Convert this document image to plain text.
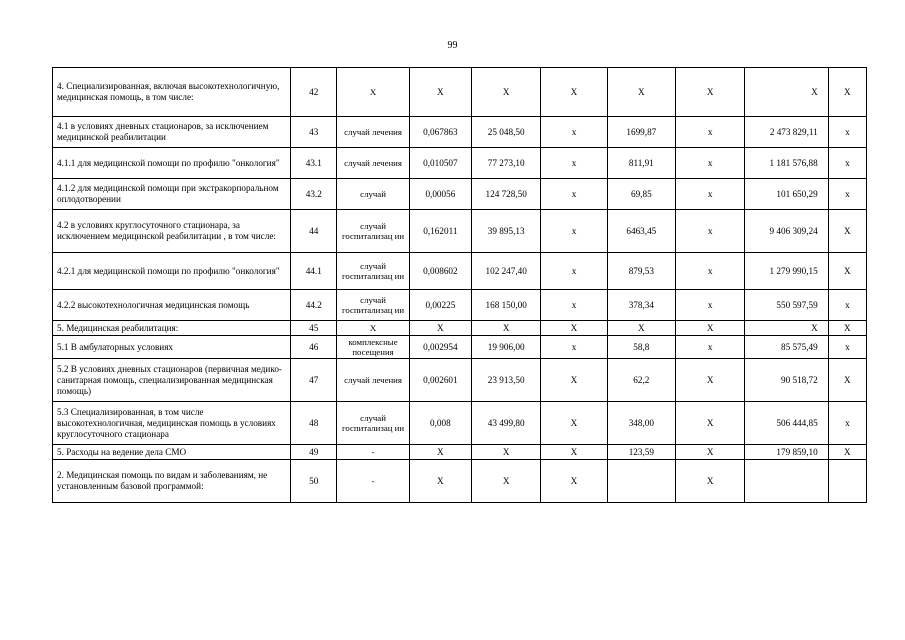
99
4. Специализированная, включая высокотехнологичную, медицинская помощь, в том числе:	42	Х	Х	Х	Х	Х	Х	Х	Х
4.1 в условиях дневных стационаров, за исключением медицинской реабилитации	43	случай лечения	0,067863	25 048,50	х	1699,87	х	2 473 829,11	х
4.1.1 для медицинской помощи по профилю "онкология"	43.1	случай лечения	0,010507	77 273,10	х	811,91	х	1 181 576,88	х
4.1.2 для медицинской помощи при экстракорпоральном оплодотворении	43.2	случай	0,00056	124 728,50	х	69,85	х	101 650,29	х
4.2 в условиях круглосуточного стационара, за исключением медицинской реабилитации , в том числе:	44	случай госпитализац ии	0,162011	39 895,13	х	6463,45	х	9 406 309,24	Х
4.2.1 для медицинской помощи по профилю "онкология"	44.1	случай госпитализац ии	0,008602	102 247,40	х	879,53	х	1 279 990,15	Х
4.2.2 высокотехнологичная медицинская помощь	44.2	случай госпитализац ии	0,00225	168 150,00	х	378,34	х	550 597,59	х
5. Медицинская реабилитация:	45	Х	Х	Х	Х	Х	Х	Х	Х
5.1 В амбулаторных условиях	46	комплексные посещения	0,002954	19 906,00	х	58,8	х	85 575,49	х
5.2 В условиях дневных стационаров (первичная медико-санитарная помощь, специализированная медицинская помощь)	47	случай лечения	0,002601	23 913,50	Х	62,2	Х	90 518,72	Х
5.3 Специализированная, в том числе высокотехнологичная, медицинская помощь в условиях круглосуточного стационара	48	случай госпитализац ии	0,008	43 499,80	Х	348,00	Х	506 444,85	х
5. Расходы на ведение дела СМО	49	-	Х	Х	Х	123,59	Х	179 859,10	Х
2. Медицинская помощь по видам и заболеваниям, не установленным базовой программой:	50	-	Х	Х	Х		Х		
